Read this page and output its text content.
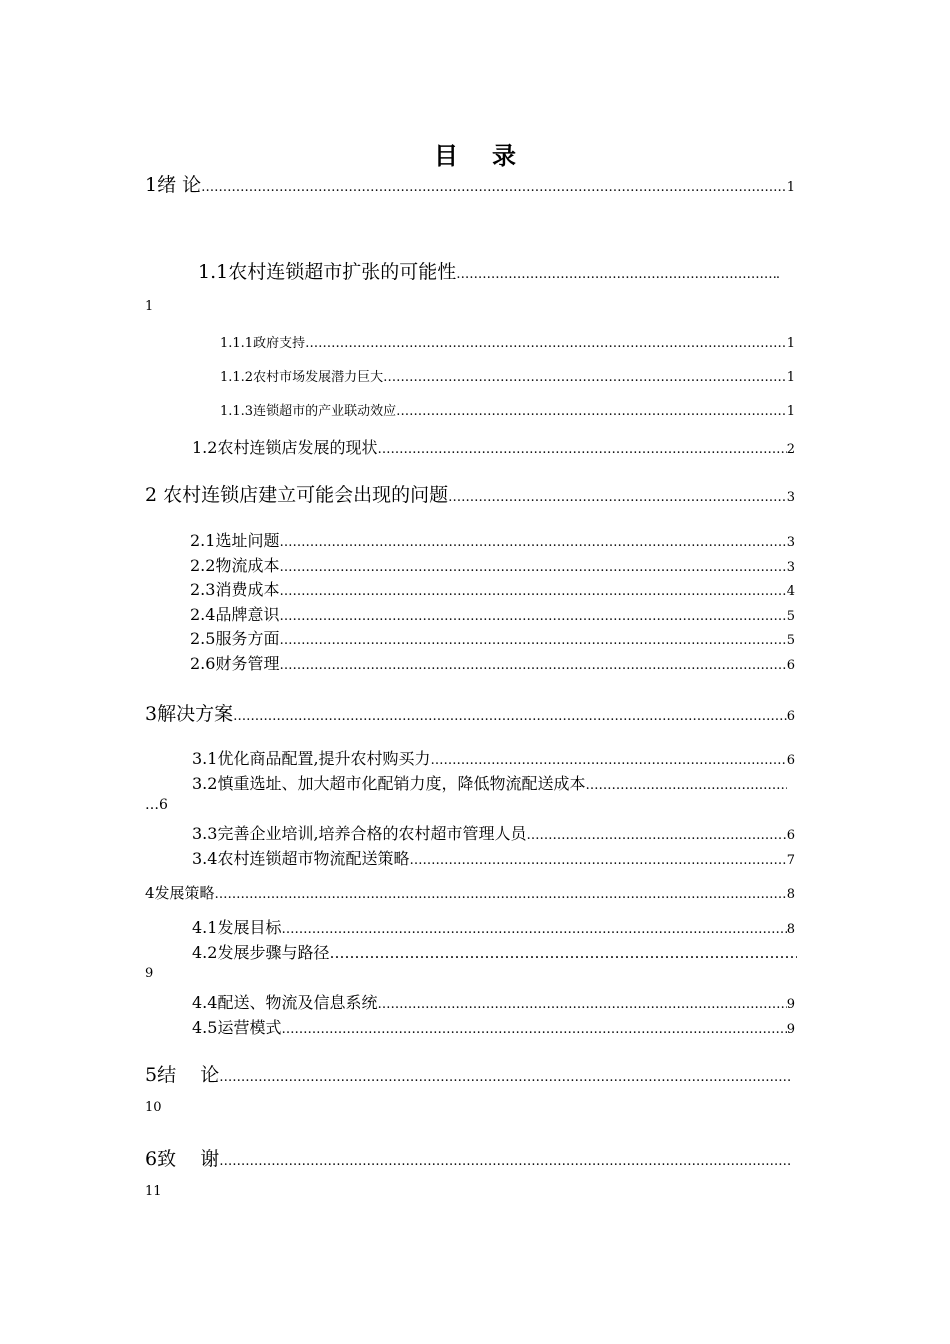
目录
1绪 论 …………………………………………………………………………………………………………………………………………………………………………………………………………	1
1.1农村连锁超市扩张的可能性 …………………………………………………………………………………………………………………………………………………………………………………………………………	.
1
1.1.1政府支持 …………………………………………………………………………………………………………………………………………………………………………………………………………	1
1.1.2农村市场发展潜力巨大 …………………………………………………………………………………………………………………………………………………………………………………………………………	1
1.1.3连锁超市的产业联动效应 …………………………………………………………………………………………………………………………………………………………………………………………………………	1
1.2农村连锁店发展的现状 …………………………………………………………………………………………………………………………………………………………………………………………………………	2
2 农村连锁店建立可能会出现的问题 …………………………………………………………………………………………………………………………………………………………………………………………………………	3
2.1选址问题 …………………………………………………………………………………………………………………………………………………………………………………………………………	3
2.2物流成本 …………………………………………………………………………………………………………………………………………………………………………………………………………	3
2.3消费成本 …………………………………………………………………………………………………………………………………………………………………………………………………………	4
2.4品牌意识 …………………………………………………………………………………………………………………………………………………………………………………………………………	5
2.5服务方面 …………………………………………………………………………………………………………………………………………………………………………………………………………	5
2.6财务管理 …………………………………………………………………………………………………………………………………………………………………………………………………………	6
3解决方案 …………………………………………………………………………………………………………………………………………………………………………………………………………	6
3.1优化商品配置,提升农村购买力 …………………………………………………………………………………………………………………………………………………………………………………………………………	6
3.2慎重选址、加大超市化配销力度，降低物流配送成本
…………………………………………………………………………………………………………………………………………………………………………………………………………
…6
3.3完善企业培训,培养合格的农村超市管理人员 …………………………………………………………………………………………………………………………………………………………………………………………………………	.6
3.4农村连锁超市物流配送策略 …………………………………………………………………………………………………………………………………………………………………………………………………………	7
4发展策略 …………………………………………………………………………………………………………………………………………………………………………………………………………	8
4.1发展目标 …………………………………………………………………………………………………………………………………………………………………………………………………………	8
4.2发展步骤与路径
…………………………………………………………………………………………………………………………………………………………………………………………………………
9
4.4配送、物流及信息系统 …………………………………………………………………………………………………………………………………………………………………………………………………………	9
4.5运营模式 …………………………………………………………………………………………………………………………………………………………………………………………………………	9
5结    论
…………………………………………………………………………………………………………………………………………………………………………………………………………
10
6致    谢
…………………………………………………………………………………………………………………………………………………………………………………………………………
11
